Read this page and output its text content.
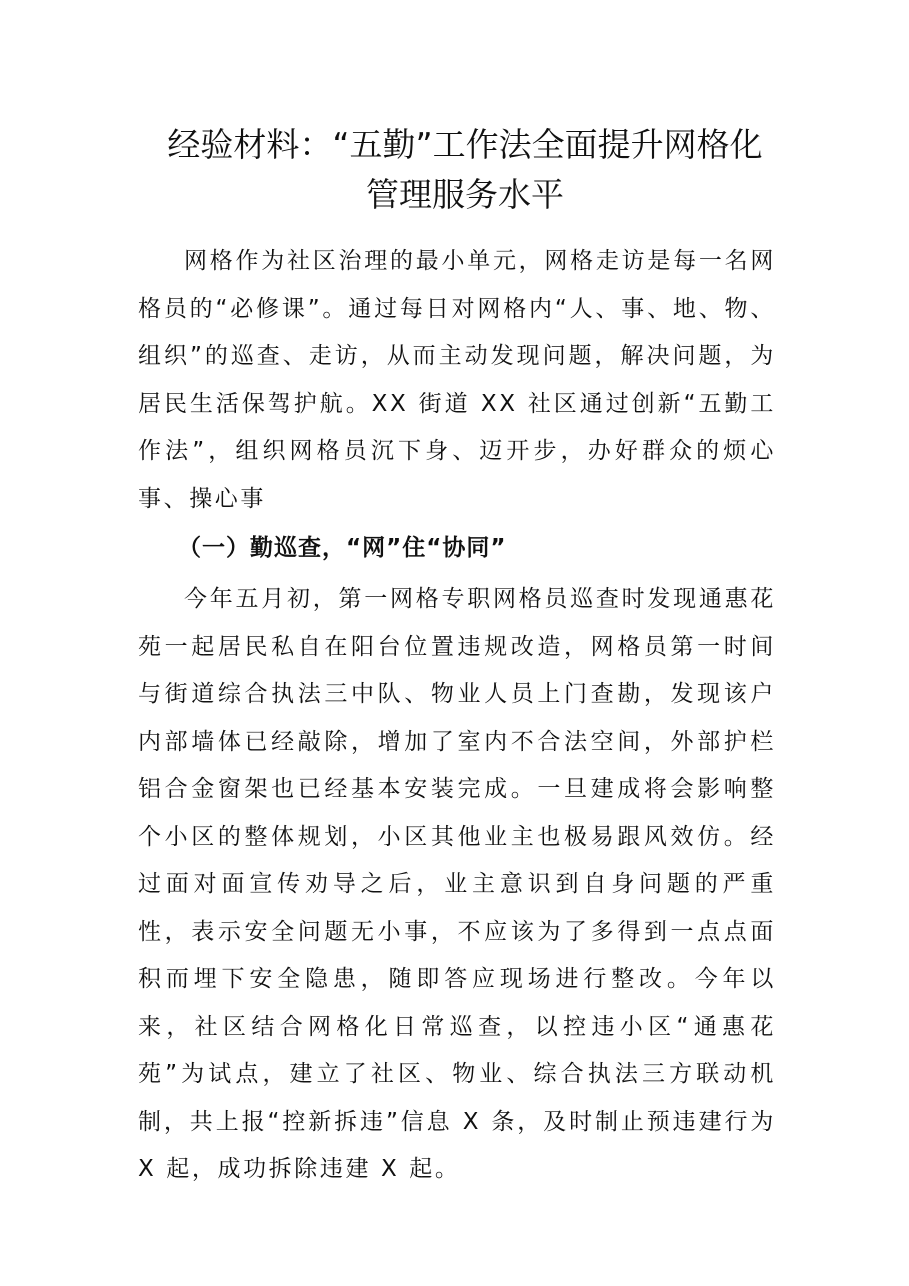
经验材料：“五勤”工作法全面提升网格化
管理服务水平

网格作为社区治理的最小单元，网格走访是每一名网格员的“必修课”。通过每日对网格内“人、事、地、物、组织”的巡查、走访，从而主动发现问题，解决问题，为居民生活保驾护航。XX 街道 XX 社区通过创新“五勤工作法”，组织网格员沉下身、迈开步，办好群众的烦心事、操心事

（一）勤巡查，“网”住“协同”

今年五月初，第一网格专职网格员巡查时发现通惠花苑一起居民私自在阳台位置违规改造，网格员第一时间与街道综合执法三中队、物业人员上门查勘，发现该户内部墙体已经敲除，增加了室内不合法空间，外部护栏铝合金窗架也已经基本安装完成。一旦建成将会影响整个小区的整体规划，小区其他业主也极易跟风效仿。经过面对面宣传劝导之后，业主意识到自身问题的严重性，表示安全问题无小事，不应该为了多得到一点点面积而埋下安全隐患，随即答应现场进行整改。今年以来，社区结合网格化日常巡查，以控违小区“通惠花苑”为试点，建立了社区、物业、综合执法三方联动机制，共上报“控新拆违”信息 X 条，及时制止预违建行为 X 起，成功拆除违建 X 起。
